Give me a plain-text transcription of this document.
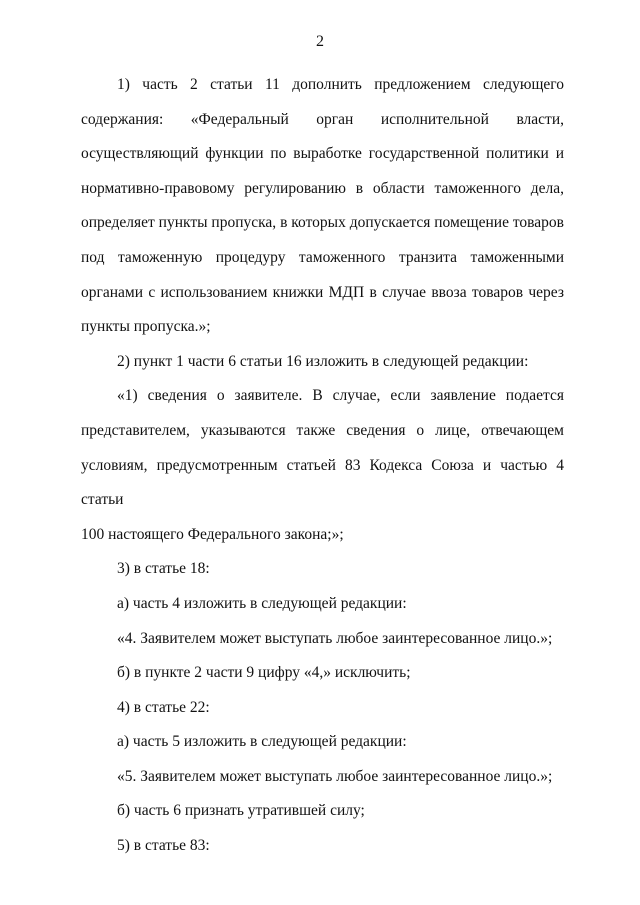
2

1) часть 2 статьи 11 дополнить предложением следующего

содержания: «Федеральный орган исполнительной власти,

осуществляющий функции по выработке государственной политики и

нормативно-правовому регулированию в области таможенного дела,

определяет пункты пропуска, в которых допускается помещение товаров

под таможенную процедуру таможенного транзита таможенными

органами с использованием книжки МДП в случае ввоза товаров через

пункты пропуска.»;

2) пункт 1 части 6 статьи 16 изложить в следующей редакции:

«1) сведения о заявителе. В случае, если заявление подается

представителем, указываются также сведения о лице, отвечающем

условиям, предусмотренным статьей 83 Кодекса Союза и частью 4 статьи

100 настоящего Федерального закона;»;

3) в статье 18:

а) часть 4 изложить в следующей редакции:

«4. Заявителем может выступать любое заинтересованное лицо.»;

б) в пункте 2 части 9 цифру «4,» исключить;

4) в статье 22:

а) часть 5 изложить в следующей редакции:

«5. Заявителем может выступать любое заинтересованное лицо.»;

б) часть 6 признать утратившей силу;

5) в статье 83:
